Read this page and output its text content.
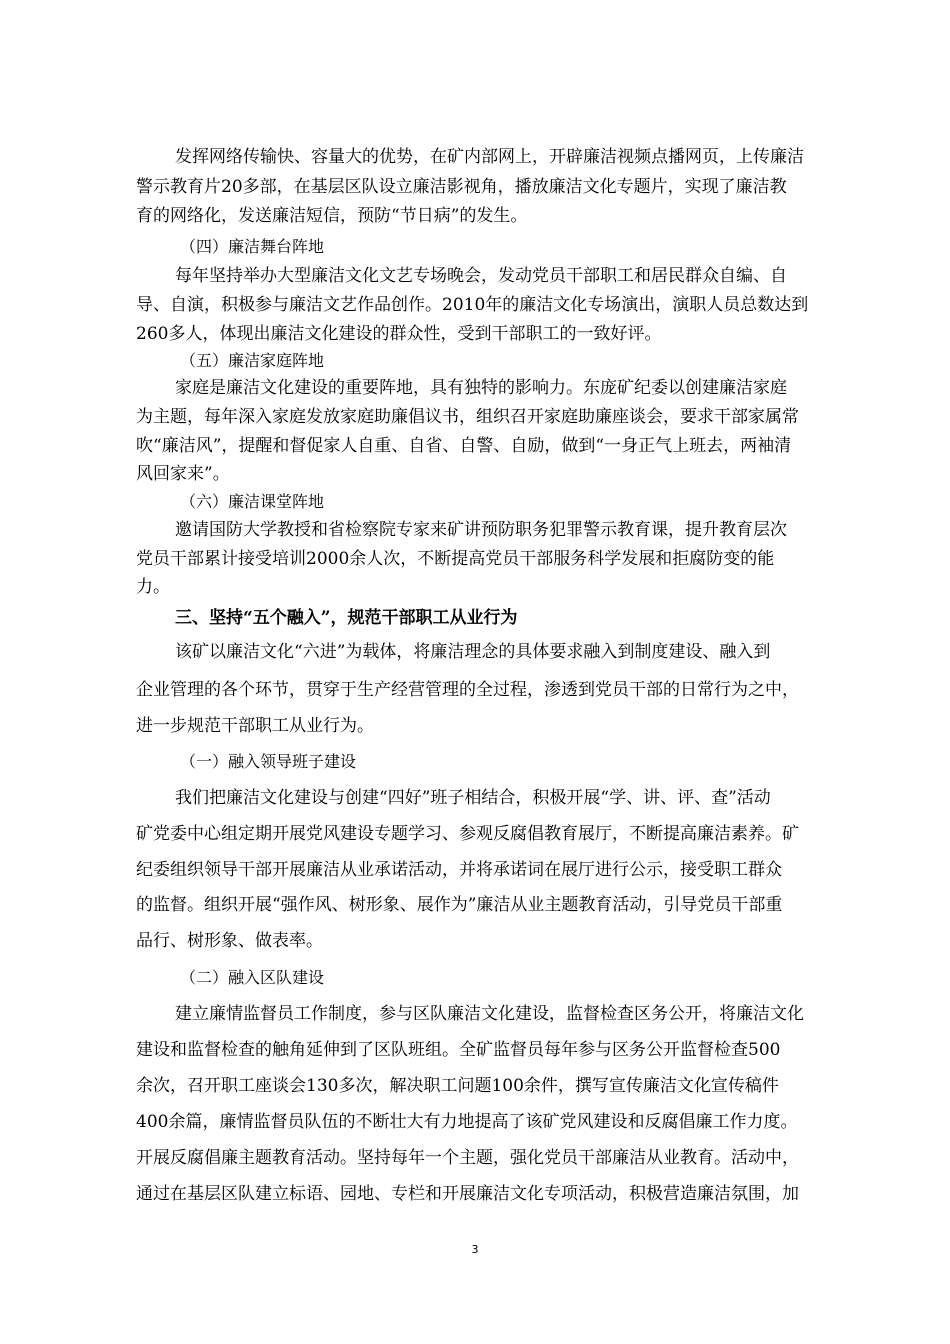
发挥网络传输快、容量大的优势，在矿内部网上，开辟廉洁视频点播网页，上传廉洁
警示教育片20多部，在基层区队设立廉洁影视角，播放廉洁文化专题片，实现了廉洁教
育的网络化，发送廉洁短信，预防“节日病”的发生。
（四）廉洁舞台阵地
每年坚持举办大型廉洁文化文艺专场晚会，发动党员干部职工和居民群众自编、自
导、自演，积极参与廉洁文艺作品创作。2010年的廉洁文化专场演出，演职人员总数达到
260多人，体现出廉洁文化建设的群众性，受到干部职工的一致好评。
（五）廉洁家庭阵地
家庭是廉洁文化建设的重要阵地，具有独特的影响力。东庞矿纪委以创建廉洁家庭
为主题，每年深入家庭发放家庭助廉倡议书，组织召开家庭助廉座谈会，要求干部家属常
吹“廉洁风”，提醒和督促家人自重、自省、自警、自励，做到“一身正气上班去，两袖清
风回家来”。
（六）廉洁课堂阵地
邀请国防大学教授和省检察院专家来矿讲预防职务犯罪警示教育课，提升教育层次
党员干部累计接受培训2000余人次，不断提高党员干部服务科学发展和拒腐防变的能
力。
三、坚持“五个融入”，规范干部职工从业行为
该矿以廉洁文化“六进”为载体，将廉洁理念的具体要求融入到制度建设、融入到
企业管理的各个环节，贯穿于生产经营管理的全过程，渗透到党员干部的日常行为之中，
进一步规范干部职工从业行为。
（一）融入领导班子建设
我们把廉洁文化建设与创建“四好”班子相结合，积极开展“学、讲、评、查”活动
矿党委中心组定期开展党风建设专题学习、参观反腐倡教育展厅，不断提高廉洁素养。矿
纪委组织领导干部开展廉洁从业承诺活动，并将承诺词在展厅进行公示，接受职工群众
的监督。组织开展“强作风、树形象、展作为”廉洁从业主题教育活动，引导党员干部重
品行、树形象、做表率。
（二）融入区队建设
建立廉情监督员工作制度，参与区队廉洁文化建设，监督检查区务公开，将廉洁文化
建设和监督检查的触角延伸到了区队班组。全矿监督员每年参与区务公开监督检查500
余次，召开职工座谈会130多次，解决职工问题100余件，撰写宣传廉洁文化宣传稿件
400余篇，廉情监督员队伍的不断壮大有力地提高了该矿党风建设和反腐倡廉工作力度。
开展反腐倡廉主题教育活动。坚持每年一个主题，强化党员干部廉洁从业教育。活动中，
通过在基层区队建立标语、园地、专栏和开展廉洁文化专项活动，积极营造廉洁氛围，加
3
